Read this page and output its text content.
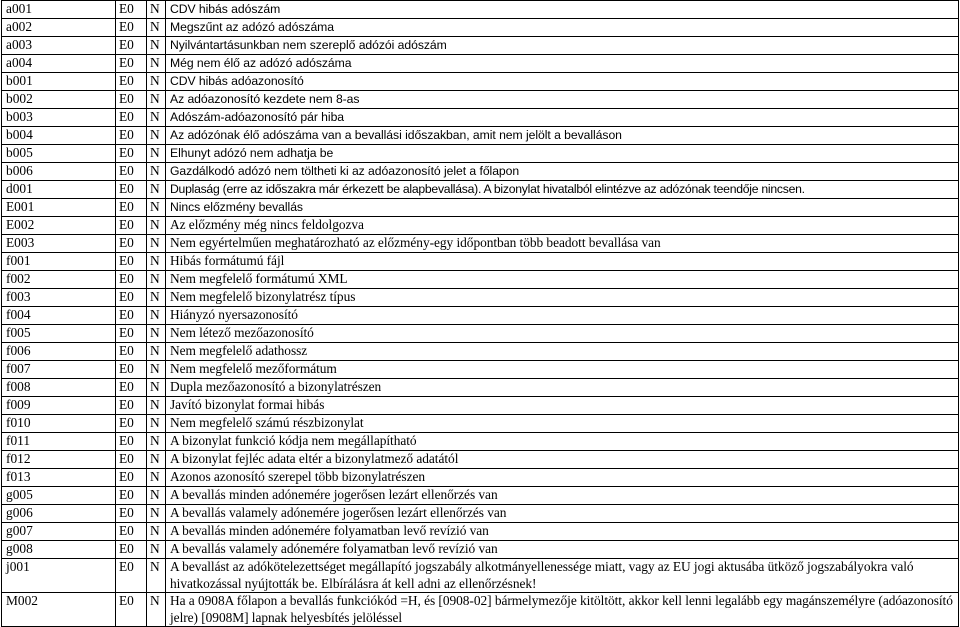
a001	E0	N	CDV hibás adószám
a002	E0	N	Megszűnt az adózó adószáma
a003	E0	N	Nyilvántartásunkban nem szereplő adózói adószám
a004	E0	N	Még nem élő az adózó adószáma
b001	E0	N	CDV hibás adóazonosító
b002	E0	N	Az adóazonosító kezdete nem 8-as
b003	E0	N	Adószám-adóazonosító pár hiba
b004	E0	N	Az adózónak élő adószáma van a bevallási időszakban, amit nem jelölt a bevalláson
b005	E0	N	Elhunyt adózó nem adhatja be
b006	E0	N	Gazdálkodó adózó nem töltheti ki az adóazonosító jelet a főlapon
d001	E0	N	Duplaság (erre az időszakra már érkezett be alapbevallása). A bizonylat hivatalból elintézve az adózónak teendője nincsen.
E001	E0	N	Nincs előzmény bevallás
E002	E0	N	Az előzmény még nincs feldolgozva
E003	E0	N	Nem egyértelműen meghatározható az előzmény-egy időpontban több beadott bevallása van
f001	E0	N	Hibás formátumú fájl
f002	E0	N	Nem megfelelő formátumú XML
f003	E0	N	Nem megfelelő bizonylatrész típus
f004	E0	N	Hiányzó nyersazonosító
f005	E0	N	Nem létező mezőazonosító
f006	E0	N	Nem megfelelő adathossz
f007	E0	N	Nem megfelelő mezőformátum
f008	E0	N	Dupla mezőazonosító a bizonylatrészen
f009	E0	N	Javító bizonylat formai hibás
f010	E0	N	Nem megfelelő számú részbizonylat
f011	E0	N	A bizonylat funkció kódja nem megállapítható
f012	E0	N	A bizonylat fejléc adata eltér a bizonylatmező adatától
f013	E0	N	Azonos azonosító szerepel több bizonylatrészen
g005	E0	N	A bevallás minden adónemére jogerősen lezárt ellenőrzés van
g006	E0	N	A bevallás valamely adónemére jogerősen lezárt ellenőrzés van
g007	E0	N	A bevallás minden adónemére folyamatban levő revízió van
g008	E0	N	A bevallás valamely adónemére folyamatban levő revízió van
j001	E0	N	A bevallást az adókötelezettséget megállapító jogszabály alkotmányellenessége miatt, vagy az EU jogi aktusába ütköző jogszabályokra való hivatkozással nyújtották be. Elbírálásra át kell adni az ellenőrzésnek!
M002	E0	N	Ha a 0908A főlapon a bevallás funkciókód =H, és [0908-02] bármelymezője kitöltött, akkor kell lenni legalább egy magánszemélyre (adóazonosító jelre) [0908M] lapnak helyesbítés jelöléssel
